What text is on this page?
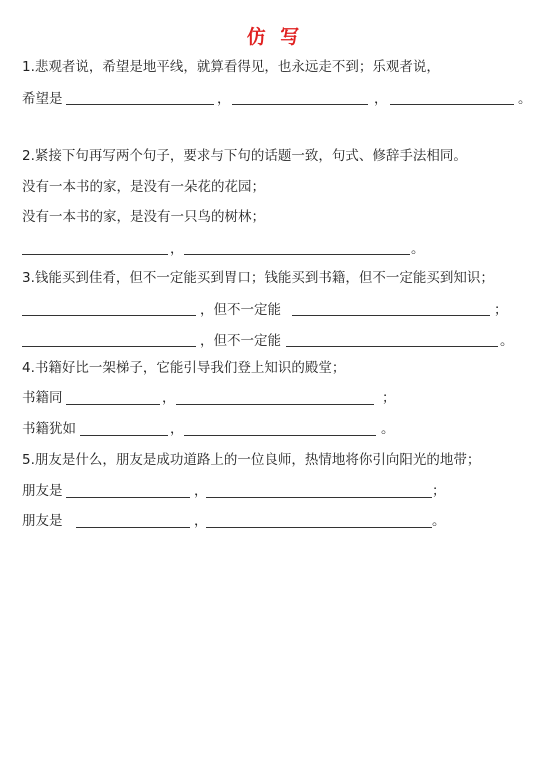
仿 写
1.悲观者说，希望是地平线，就算看得见，也永远走不到；乐观者说，
希望是	，	，	。
2.紧接下句再写两个句子，要求与下句的话题一致，句式、修辞手法相同。
没有一本书的家，是没有一朵花的花园；
没有一本书的家，是没有一只鸟的树林；
，	。
3.钱能买到佳肴，但不一定能买到胃口；钱能买到书籍，但不一定能买到知识；
，但不一定能	；
，但不一定能	。
4.书籍好比一架梯子，它能引导我们登上知识的殿堂；
书籍同	，	；
书籍犹如	，	。
5.朋友是什么，朋友是成功道路上的一位良师，热情地将你引向阳光的地带；
朋友是	，	；
朋友是	，	。
